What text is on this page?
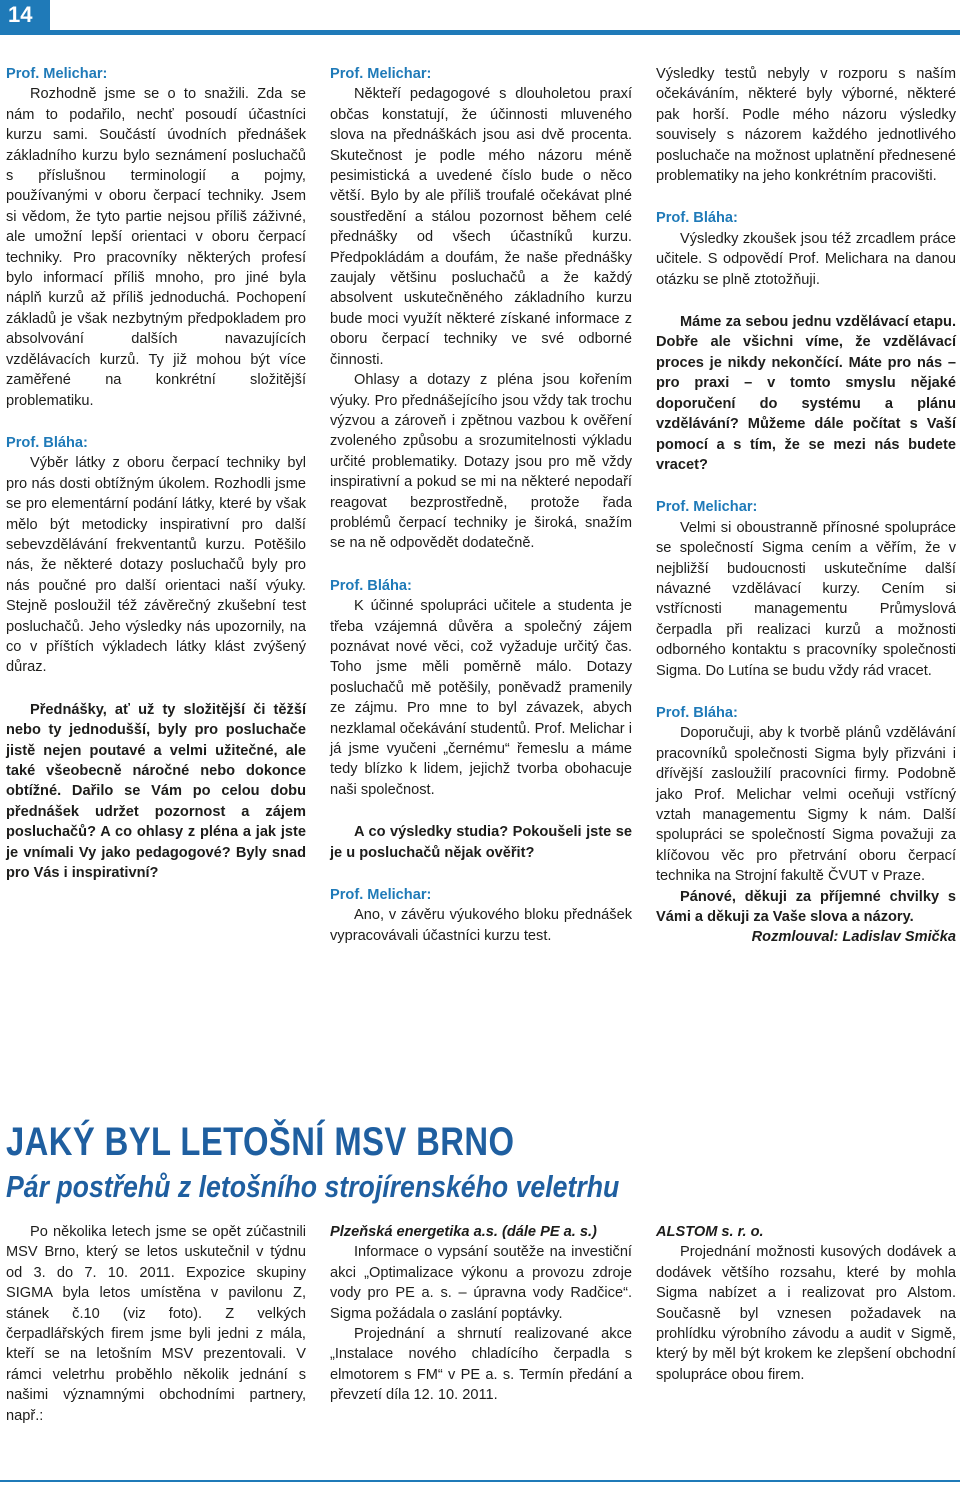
14

Prof. Melichar:

Rozhodně jsme se o to snažili. Zda se nám to podařilo, nechť posoudí účastníci kurzu sami. Součástí úvodních přednášek základního kurzu bylo seznámení posluchačů s příslušnou terminologií a pojmy, používanými v oboru čerpací techniky. Jsem si vědom, že tyto partie nejsou příliš záživné, ale umožní lepší orientaci v oboru čerpací techniky. Pro pracovníky některých profesí bylo informací příliš mnoho, pro jiné byla náplň kurzů až příliš jednoduchá. Pochopení základů je však nezbytným předpokladem pro absolvování dalších navazujících vzdělávacích kurzů. Ty již mohou být více zaměřené na konkrétní složitější problematiku.

Prof. Bláha:

Výběr látky z oboru čerpací techniky byl pro nás dosti obtížným úkolem. Rozhodli jsme se pro elementární podání látky, které by však mělo být metodicky inspirativní pro další sebevzdělávání frekventantů kurzu. Potěšilo nás, že některé dotazy posluchačů byly pro nás poučné pro další orientaci naší výuky. Stejně posloužil též závěrečný zkušební test posluchačů. Jeho výsledky nás upozornily, na co v příštích výkladech látky klást zvýšený důraz.

Přednášky, ať už ty složitější či těžší nebo ty jednodušší, byly pro posluchače jistě nejen poutavé a velmi užitečné, ale také všeobecně náročné nebo dokonce obtížné. Dařilo se Vám po celou dobu přednášek udržet pozornost a zájem posluchačů? A co ohlasy z pléna a jak jste je vnímali Vy jako pedagogové? Byly snad pro Vás i inspirativní?

Prof. Melichar:

Někteří pedagogové s dlouholetou praxí občas konstatují, že účinnosti mluveného slova na přednáškách jsou asi dvě procenta. Skutečnost je podle mého názoru méně pesimistická a uvedené číslo bude o něco větší. Bylo by ale příliš troufalé očekávat plné soustředění a stálou pozornost během celé přednášky od všech účastníků kurzu. Předpokládám a doufám, že naše přednášky zaujaly většinu posluchačů a že každý absolvent uskutečněného základního kurzu bude moci využít některé získané informace z oboru čerpací techniky ve své odborné činnosti.

Ohlasy a dotazy z pléna jsou kořením výuky. Pro přednášejícího jsou vždy tak trochu výzvou a zároveň i zpětnou vazbou k ověření zvoleného způsobu a srozumitelnosti výkladu určité problematiky. Dotazy jsou pro mě vždy inspirativní a pokud se mi na některé nepodaří reagovat bezprostředně, protože řada problémů čerpací techniky je široká, snažím se na ně odpovědět dodatečně.

Prof. Bláha:

K účinné spolupráci učitele a studenta je třeba vzájemná důvěra a společný zájem poznávat nové věci, což vyžaduje určitý čas. Toho jsme měli poměrně málo. Dotazy posluchačů mě potěšily, poněvadž pramenily ze zájmu. Pro mne to byl závazek, abych nezklamal očekávání studentů. Prof. Melichar i já jsme vyučeni „černému“ řemeslu a máme tedy blízko k lidem, jejichž tvorba obohacuje naši společnost.

A co výsledky studia? Pokoušeli jste se je u posluchačů nějak ověřit?

Prof. Melichar:

Ano, v závěru výukového bloku přednášek vypracovávali účastníci kurzu test.

Výsledky testů nebyly v rozporu s naším očekáváním, některé byly výborné, některé pak horší. Podle mého názoru výsledky souvisely s názorem každého jednotlivého posluchače na možnost uplatnění přednesené problematiky na jeho konkrétním pracovišti.

Prof. Bláha:

Výsledky zkoušek jsou též zrcadlem práce učitele. S odpovědí Prof. Melichara na danou otázku se plně ztotožňuji.

Máme za sebou jednu vzdělávací etapu. Dobře ale všichni víme, že vzdělávací proces je nikdy nekončící. Máte pro nás – pro praxi – v tomto smyslu nějaké doporučení do systému a plánu vzdělávání? Můžeme dále počítat s Vaší pomocí a s tím, že se mezi nás budete vracet?

Prof. Melichar:

Velmi si oboustranně přínosné spolupráce se společností Sigma cením a věřím, že v nejbližší budoucnosti uskutečníme další návazné vzdělávací kurzy. Cením si vstřícnosti managementu Průmyslová čerpadla při realizaci kurzů a možnosti odborného kontaktu s pracovníky společnosti Sigma. Do Lutína se budu vždy rád vracet.

Prof. Bláha:

Doporučuji, aby k tvorbě plánů vzdělávání pracovníků společnosti Sigma byly přizváni i dřívější zasloužilí pracovníci firmy. Podobně jako Prof. Melichar velmi oceňuji vstřícný vztah managementu Sigmy k nám. Další spolupráci se společností Sigma považuji za klíčovou věc pro přetrvání oboru čerpací technika na Strojní fakultě ČVUT v Praze.

Pánové, děkuji za příjemné chvilky s Vámi a děkuji za Vaše slova a názory.

Rozmlouval: Ladislav Smička

JAKÝ BYL LETOŠNÍ MSV BRNO
Pár postřehů z letošního strojírenského veletrhu

Po několika letech jsme se opět zúčastnili MSV Brno, který se letos uskutečnil v týdnu od 3. do 7. 10. 2011. Expozice skupiny SIGMA byla letos umístěna v pavilonu Z, stánek č.10 (viz foto). Z velkých čerpadlářských firem jsme byli jedni z mála, kteří se na letošním MSV prezentovali. V rámci veletrhu proběhlo několik jednání s našimi významnými obchodními partnery, např.:

Plzeňská energetika a.s. (dále PE a. s.)

Informace o vypsání soutěže na investiční akci „Optimalizace výkonu a provozu zdroje vody pro PE a. s. – úpravna vody Radčice“. Sigma požádala o zaslání poptávky.

Projednání a shrnutí realizované akce „Instalace nového chladícího čerpadla s elmotorem s FM“ v PE a. s. Termín předání a převzetí díla 12. 10. 2011.

ALSTOM s. r. o.

Projednání možnosti kusových dodávek a dodávek většího rozsahu, které by mohla Sigma nabízet a i realizovat pro Alstom. Současně byl vznesen požadavek na prohlídku výrobního závodu a audit v Sigmě, který by měl být krokem ke zlepšení obchodní spolupráce obou firem.
